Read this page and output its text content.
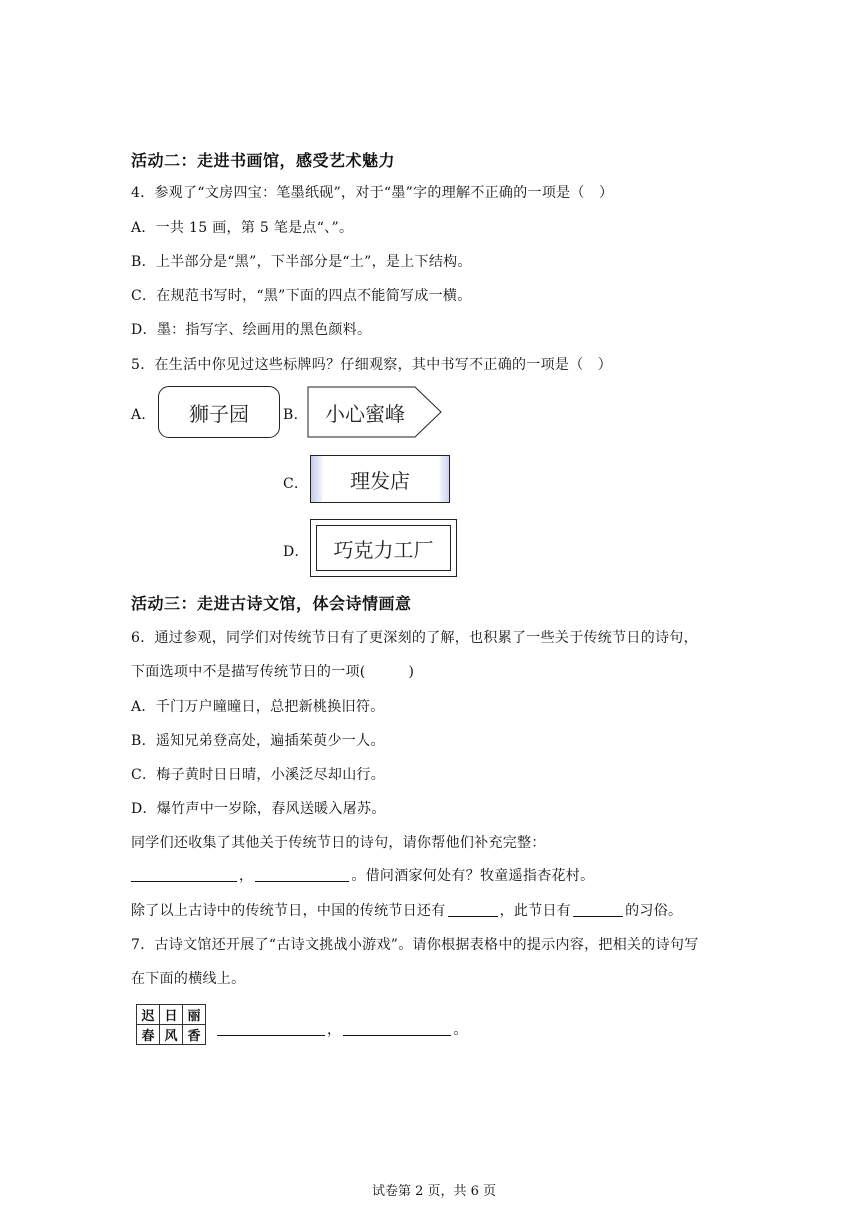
活动二：走进书画馆，感受艺术魅力
4．参观了“文房四宝：笔墨纸砚”，对于“墨”字的理解不正确的一项是（　）
A．一共 15 画，第 5 笔是点“、”。
B．上半部分是“黑”，下半部分是“土”，是上下结构。
C．在规范书写时，“黑”下面的四点不能简写成一横。
D．墨：指写字、绘画用的黑色颜料。
5．在生活中你见过这些标牌吗？仔细观察，其中书写不正确的一项是（　）
A． 狮子园 B． 小心蜜峰
C． 理发店
D． 巧克力工厂
活动三：走进古诗文馆，体会诗情画意
6．通过参观，同学们对传统节日有了更深刻的了解，也积累了一些关于传统节日的诗句，
下面选项中不是描写传统节日的一项(　　　)
A．千门万户曈曈日，总把新桃换旧符。
B．遥知兄弟登高处，遍插茱萸少一人。
C．梅子黄时日日晴，小溪泛尽却山行。
D．爆竹声中一岁除，春风送暖入屠苏。
同学们还收集了其他关于传统节日的诗句，请你帮他们补充完整：
，	。借问酒家何处有？牧童遥指杏花村。
除了以上古诗中的传统节日，中国的传统节日还有	，此节日有	的习俗。
7．古诗文馆还开展了“古诗文挑战小游戏”。请你根据表格中的提示内容，把相关的诗句写
在下面的横线上。
迟	日	丽
春	风	香	，	。
试卷第 2 页，共 6 页
